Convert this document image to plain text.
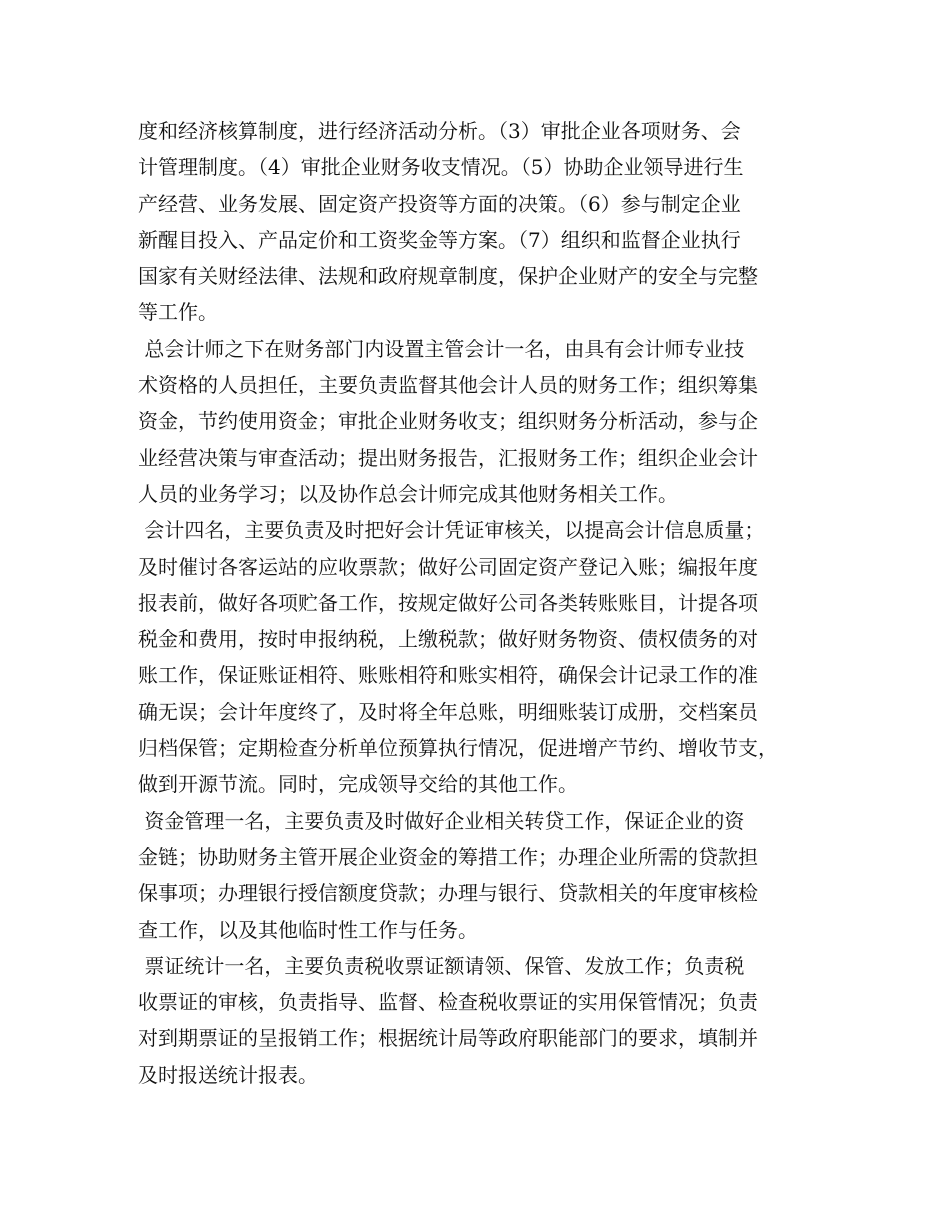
度和经济核算制度，进行经济活动分析。（3）审批企业各项财务、会
计管理制度。（4）审批企业财务收支情况。（5）协助企业领导进行生
产经营、业务发展、固定资产投资等方面的决策。（6）参与制定企业
新醒目投入、产品定价和工资奖金等方案。（7）组织和监督企业执行
国家有关财经法律、法规和政府规章制度，保护企业财产的安全与完整
等工作。
总会计师之下在财务部门内设置主管会计一名，由具有会计师专业技
术资格的人员担任，主要负责监督其他会计人员的财务工作；组织筹集
资金，节约使用资金；审批企业财务收支；组织财务分析活动，参与企
业经营决策与审查活动；提出财务报告，汇报财务工作；组织企业会计
人员的业务学习；以及协作总会计师完成其他财务相关工作。
会计四名，主要负责及时把好会计凭证审核关，以提高会计信息质量；
及时催讨各客运站的应收票款；做好公司固定资产登记入账；编报年度
报表前，做好各项贮备工作，按规定做好公司各类转账账目，计提各项
税金和费用，按时申报纳税，上缴税款；做好财务物资、债权债务的对
账工作，保证账证相符、账账相符和账实相符，确保会计记录工作的准
确无误；会计年度终了，及时将全年总账，明细账装订成册，交档案员
归档保管；定期检查分析单位预算执行情况，促进增产节约、增收节支，
做到开源节流。同时，完成领导交给的其他工作。
资金管理一名，主要负责及时做好企业相关转贷工作，保证企业的资
金链；协助财务主管开展企业资金的筹措工作；办理企业所需的贷款担
保事项；办理银行授信额度贷款；办理与银行、贷款相关的年度审核检
查工作，以及其他临时性工作与任务。
票证统计一名，主要负责税收票证额请领、保管、发放工作；负责税
收票证的审核，负责指导、监督、检查税收票证的实用保管情况；负责
对到期票证的呈报销工作；根据统计局等政府职能部门的要求，填制并
及时报送统计报表。
